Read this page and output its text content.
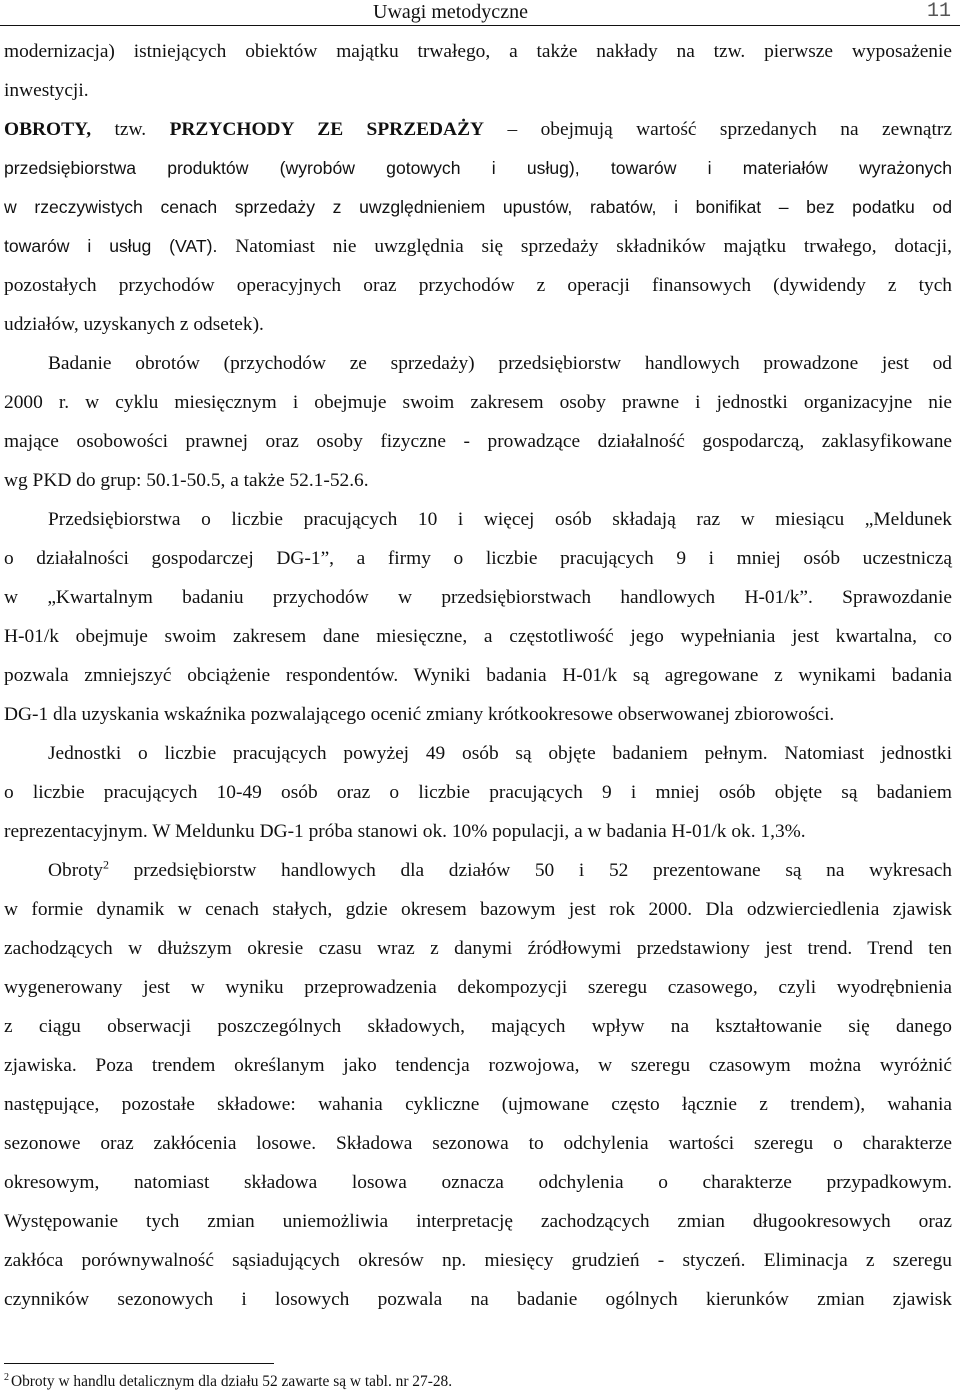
Uwagi metodyczne	11
modernizacja) istniejących obiektów majątku trwałego, a także nakłady na tzw. pierwsze wyposażenie
inwestycji.
OBROTY, tzw. PRZYCHODY ZE SPRZEDAŻY – obejmują wartość sprzedanych na zewnątrz
przedsiębiorstwa produktów (wyrobów gotowych i usług), towarów i materiałów wyrażonych
w rzeczywistych cenach sprzedaży z uwzględnieniem upustów, rabatów, i bonifikat – bez podatku od
towarów i usług (VAT). Natomiast nie uwzględnia się sprzedaży składników majątku trwałego, dotacji,
pozostałych przychodów operacyjnych oraz przychodów z operacji finansowych (dywidendy z tych
udziałów, uzyskanych z odsetek).
Badanie obrotów (przychodów ze sprzedaży) przedsiębiorstw handlowych prowadzone jest od
2000 r. w cyklu miesięcznym i obejmuje swoim zakresem osoby prawne i jednostki organizacyjne nie
mające osobowości prawnej oraz osoby fizyczne - prowadzące działalność gospodarczą, zaklasyfikowane
wg PKD do grup: 50.1-50.5, a także 52.1-52.6.
Przedsiębiorstwa o liczbie pracujących 10 i więcej osób składają raz w miesiącu „Meldunek
o działalności gospodarczej DG-1”, a firmy o liczbie pracujących 9 i mniej osób uczestniczą
w „Kwartalnym badaniu przychodów w przedsiębiorstwach handlowych H-01/k”. Sprawozdanie
H-01/k obejmuje swoim zakresem dane miesięczne, a częstotliwość jego wypełniania jest kwartalna, co
pozwala zmniejszyć obciążenie respondentów. Wyniki badania H-01/k są agregowane z wynikami badania
DG-1 dla uzyskania wskaźnika pozwalającego ocenić zmiany krótkookresowe obserwowanej zbiorowości.
Jednostki o liczbie pracujących powyżej 49 osób są objęte badaniem pełnym. Natomiast jednostki
o liczbie pracujących 10-49 osób oraz o liczbie pracujących 9 i mniej osób objęte są badaniem
reprezentacyjnym. W Meldunku DG-1 próba stanowi ok. 10% populacji, a w badania H-01/k ok. 1,3%.
Obroty$^2$ przedsiębiorstw handlowych dla działów 50 i 52 prezentowane są na wykresach
w formie dynamik w cenach stałych, gdzie okresem bazowym jest rok 2000. Dla odzwierciedlenia zjawisk
zachodzących w dłuższym okresie czasu wraz z danymi źródłowymi przedstawiony jest trend. Trend ten
wygenerowany jest w wyniku przeprowadzenia dekompozycji szeregu czasowego, czyli wyodrębnienia
z ciągu obserwacji poszczególnych składowych, mających wpływ na kształtowanie się danego
zjawiska. Poza trendem określanym jako tendencja rozwojowa, w szeregu czasowym można wyróżnić
następujące, pozostałe składowe: wahania cykliczne (ujmowane często łącznie z trendem), wahania
sezonowe oraz zakłócenia losowe. Składowa sezonowa to odchylenia wartości szeregu o charakterze
okresowym, natomiast składowa losowa oznacza odchylenia o charakterze przypadkowym.
Występowanie tych zmian uniemożliwia interpretację zachodzących zmian długookresowych oraz
zakłóca porównywalność sąsiadujących okresów np. miesięcy grudzień - styczeń. Eliminacja z szeregu
czynników sezonowych i losowych pozwala na badanie ogólnych kierunków zmian zjawisk
$^2$ Obroty w handlu detalicznym dla działu 52 zawarte są w tabl. nr 27-28.
